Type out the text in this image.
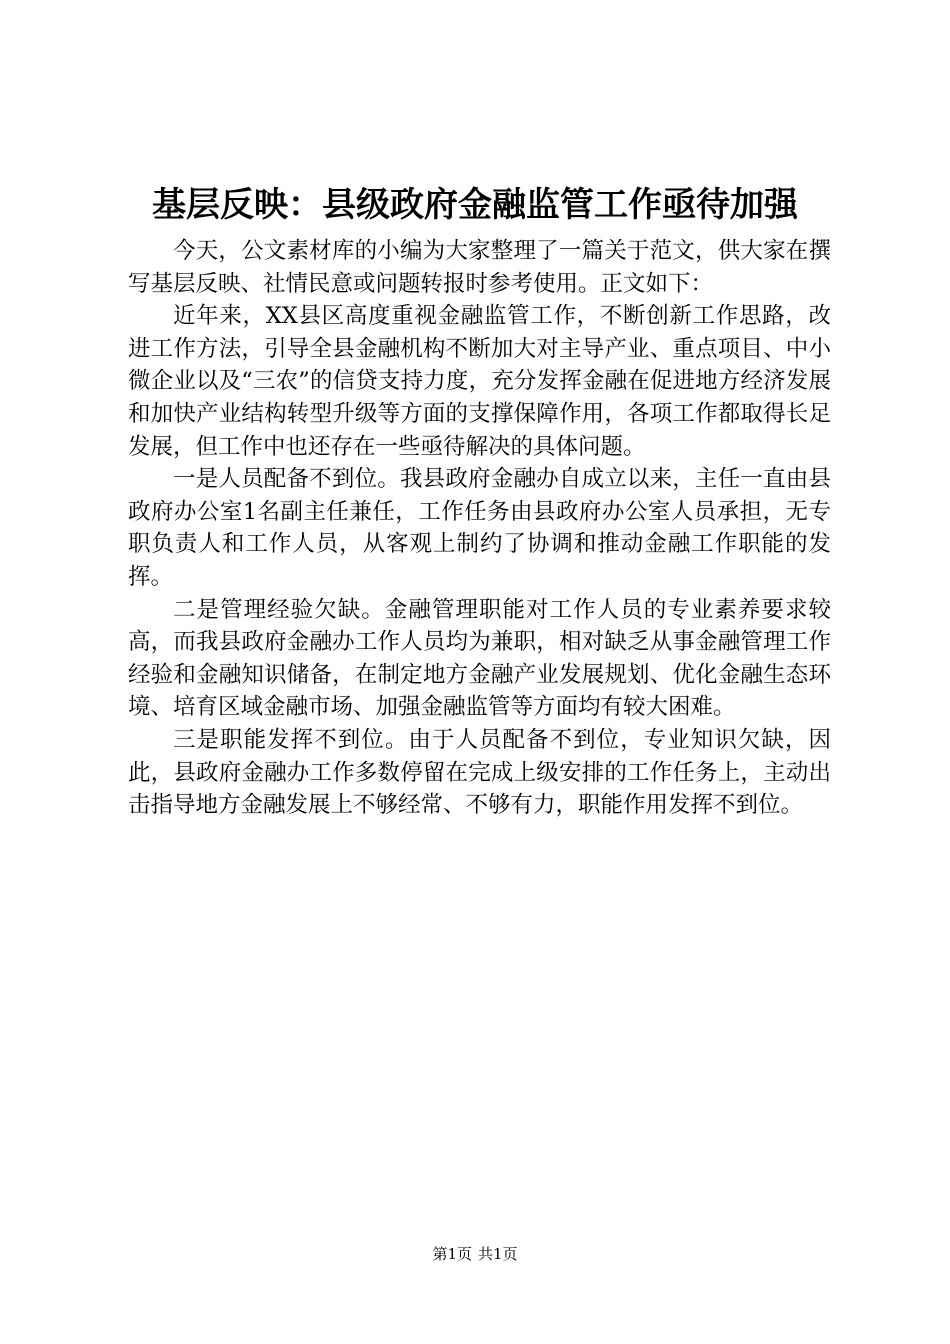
基层反映：县级政府金融监管工作亟待加强

今天，公文素材库的小编为大家整理了一篇关于范文，供大家在撰写基层反映、社情民意或问题转报时参考使用。正文如下：

近年来，XX县区高度重视金融监管工作，不断创新工作思路，改进工作方法，引导全县金融机构不断加大对主导产业、重点项目、中小微企业以及“三农”的信贷支持力度，充分发挥金融在促进地方经济发展和加快产业结构转型升级等方面的支撑保障作用，各项工作都取得长足发展，但工作中也还存在一些亟待解决的具体问题。

一是人员配备不到位。我县政府金融办自成立以来，主任一直由县政府办公室1名副主任兼任，工作任务由县政府办公室人员承担，无专职负责人和工作人员，从客观上制约了协调和推动金融工作职能的发挥。

二是管理经验欠缺。金融管理职能对工作人员的专业素养要求较高，而我县政府金融办工作人员均为兼职，相对缺乏从事金融管理工作经验和金融知识储备，在制定地方金融产业发展规划、优化金融生态环境、培育区域金融市场、加强金融监管等方面均有较大困难。

三是职能发挥不到位。由于人员配备不到位，专业知识欠缺，因此，县政府金融办工作多数停留在完成上级安排的工作任务上，主动出击指导地方金融发展上不够经常、不够有力，职能作用发挥不到位。

第1页 共1页
